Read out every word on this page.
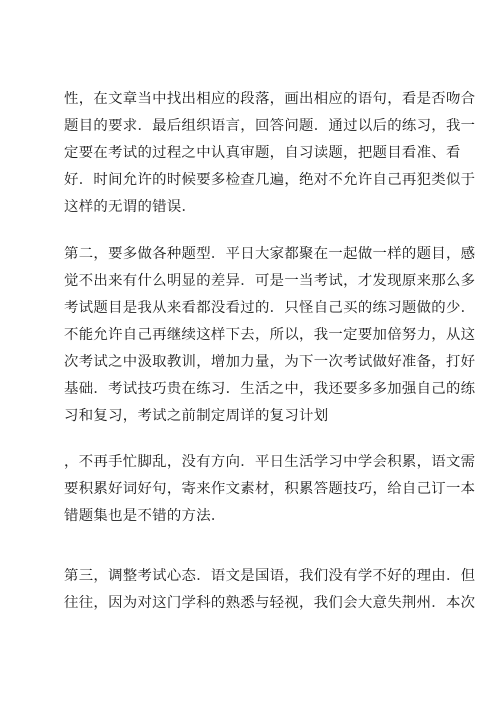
性，在文章当中找出相应的段落，画出相应的语句，看是否吻合
题目的要求．最后组织语言，回答问题．通过以后的练习，我一
定要在考试的过程之中认真审题，自习读题，把题目看准、看
好．时间允许的时候要多检查几遍，绝对不允许自己再犯类似于
这样的无谓的错误．
第二，要多做各种题型．平日大家都聚在一起做一样的题目，感
觉不出来有什么明显的差异．可是一当考试，才发现原来那么多
考试题目是我从来看都没看过的．只怪自己买的练习题做的少．
不能允许自己再继续这样下去，所以，我一定要加倍努力，从这
次考试之中汲取教训，增加力量，为下一次考试做好准备，打好
基础．考试技巧贵在练习．生活之中，我还要多多加强自己的练
习和复习，考试之前制定周详的复习计划
，不再手忙脚乱，没有方向．平日生活学习中学会积累，语文需
要积累好词好句，寄来作文素材，积累答题技巧，给自己订一本
错题集也是不错的方法．
第三，调整考试心态．语文是国语，我们没有学不好的理由．但
往往，因为对这门学科的熟悉与轻视，我们会大意失荆州．本次
